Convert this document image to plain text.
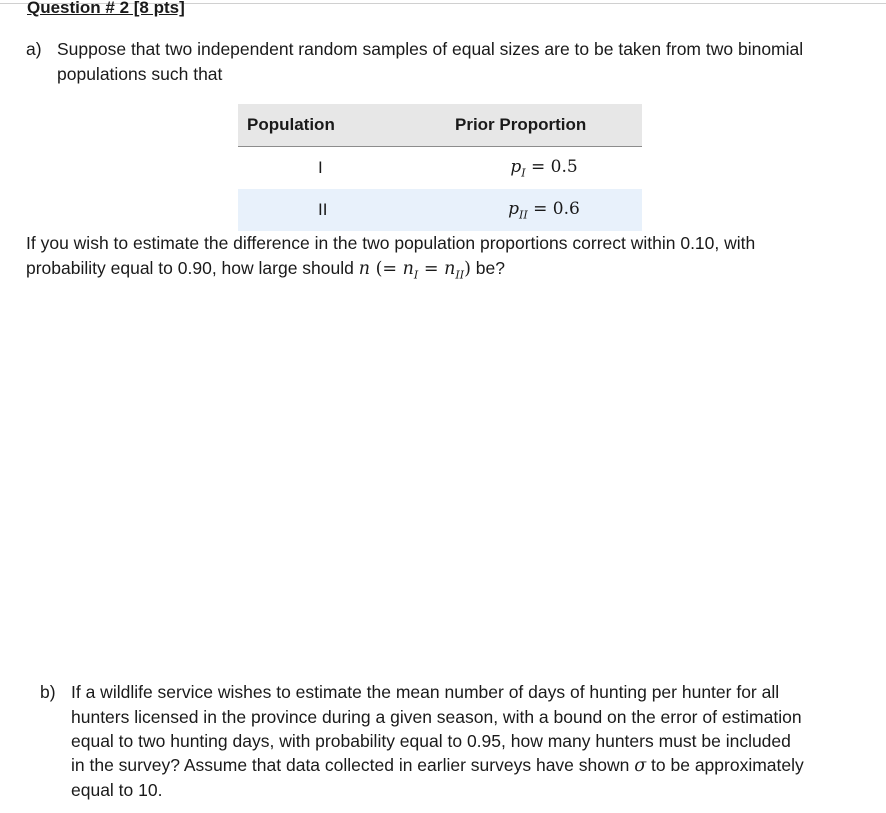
Question # 2 [8 pts]
a) Suppose that two independent random samples of equal sizes are to be taken from two binomial
populations such that
Population	Prior Proportion
I	$p_I = 0.5$
II	$p_{II} = 0.6$
If you wish to estimate the difference in the two population proportions correct within 0.10, with
probability equal to 0.90, how large should n (= $n_I = n_{II}$) be?
b) If a wildlife service wishes to estimate the mean number of days of hunting per hunter for all
hunters licensed in the province during a given season, with a bound on the error of estimation
equal to two hunting days, with probability equal to 0.95, how many hunters must be included
in the survey? Assume that data collected in earlier surveys have shown σ to be approximately
equal to 10.
